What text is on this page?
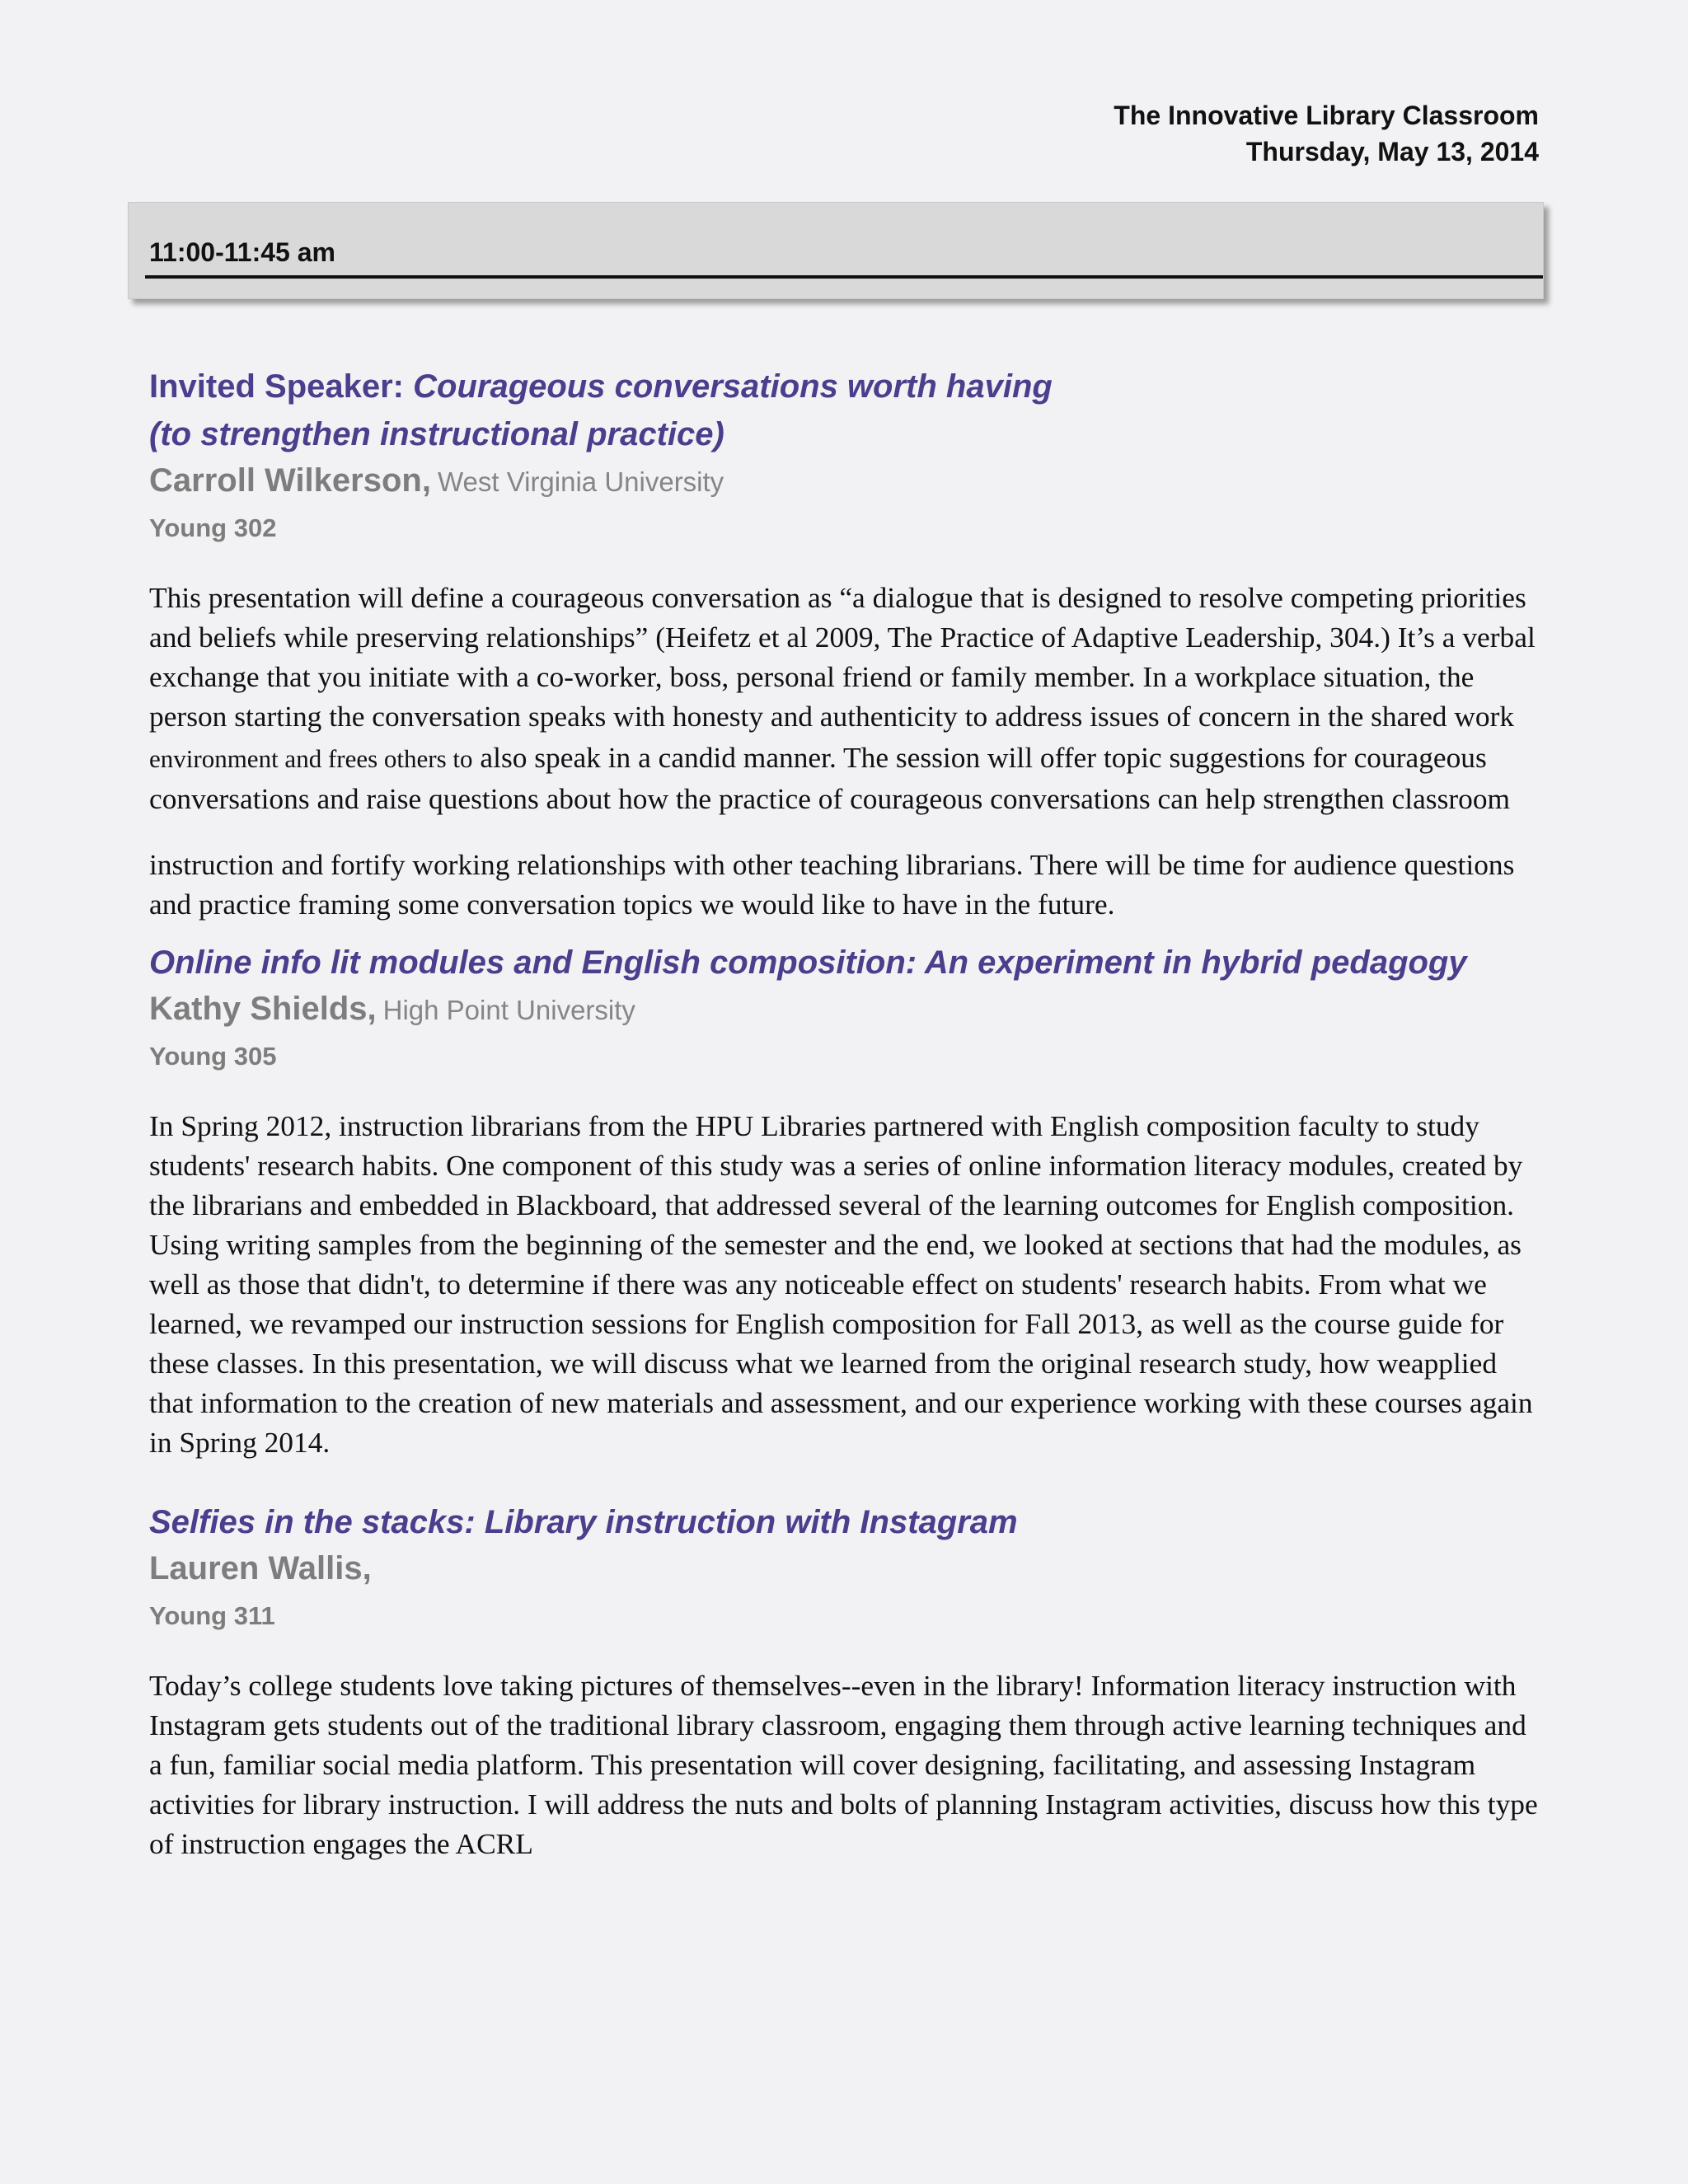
The Innovative Library Classroom
Thursday, May 13, 2014
11:00-11:45 am

Invited Speaker: Courageous conversations worth having
(to strengthen instructional practice)

Carroll Wilkerson, West Virginia University

Young 302

This presentation will define a courageous conversation as “a dialogue that is designed to resolve competing priorities and beliefs while preserving relationships” (Heifetz et al 2009, The Practice of Adaptive Leadership, 304.) It’s a verbal exchange that you initiate with a co-worker, boss, personal friend or family member. In a workplace situation, the person starting the conversation speaks with honesty and authenticity to address issues of concern in the shared work environment and frees others to also speak in a candid manner. The session will offer topic suggestions for courageous conversations and raise questions about how the practice of courageous conversations can help strengthen classroom

instruction and fortify working relationships with other teaching librarians. There will be time for audience questions and practice framing some conversation topics we would like to have in the future.

Online info lit modules and English composition: An experiment in hybrid pedagogy

Kathy Shields, High Point University

Young 305

In Spring 2012, instruction librarians from the HPU Libraries partnered with English composition faculty to study students' research habits. One component of this study was a series of online information literacy modules, created by the librarians and embedded in Blackboard, that addressed several of the learning outcomes for English composition. Using writing samples from the beginning of the semester and the end, we looked at sections that had the modules, as well as those that didn't, to determine if there was any noticeable effect on students' research habits. From what we learned, we revamped our instruction sessions for English composition for Fall 2013, as well as the course guide for these classes. In this presentation, we will discuss what we learned from the original research study, how weapplied that information to the creation of new materials and assessment, and our experience working with these courses again in Spring 2014.

Selfies in the stacks: Library instruction with Instagram

Lauren Wallis,

Young 311

Today’s college students love taking pictures of themselves--even in the library! Information literacy instruction with Instagram gets students out of the traditional library classroom, engaging them through active learning techniques and a fun, familiar social media platform. This presentation will cover designing, facilitating, and assessing Instagram activities for library instruction. I will address the nuts and bolts of planning Instagram activities, discuss how this type of instruction engages the ACRL
